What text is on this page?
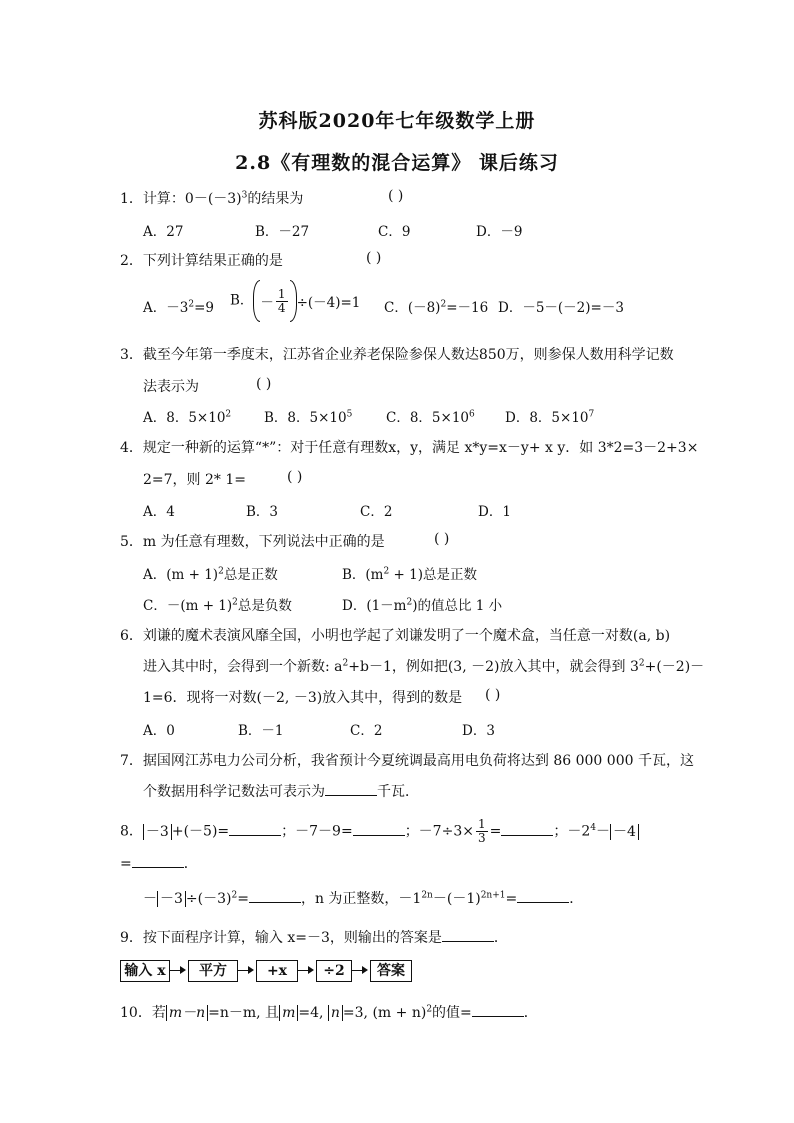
苏科版2020年七年级数学上册
2.8《有理数的混合运算》 课后练习
1．计算：$0-(-3)^3$的结果为	( )
A．27	B．－27	C．9	D．－9
2．下列计算结果正确的是	( )
A．$-3^2=9$ B． － $\frac{1}{4} \div(-4)=1$ C．$(-8)^2=-16$ D．－5－(－2)=－3
3．截至今年第一季度末，江苏省企业养老保险参保人数达850万，则参保人数用科学记数
法表示为	( )
A．8．$5\times 10^2$ B．8．$5\times 10^5$ C．8．$5\times 10^6$ D．8．$5\times 10^7$
4．规定一种新的运算“*”：对于任意有理数x，y，满足 x*y=x－y+ x y．如 3*2=3－2+3×
2=7，则 2* 1=	( )
A．4	B．3	C．2	D．1
5．m 为任意有理数，下列说法中正确的是	( )
A．$(m + 1)^2$总是正数	B．$(m^2 + 1)$总是正数
C．$-(m + 1)^2$总是负数	D．$(1-m^2)$的值总比 1 小
6．刘谦的魔术表演风靡全国，小明也学起了刘谦发明了一个魔术盒，当任意一对数(a, b)
进入其中时，会得到一个新数: $a^2+b-1$，例如把(3, －2)放入其中，就会得到 $3^2+(-2)-$
1=6．现将一对数(－2, －3)放入其中，得到的数是 ( )
A．0	B．－1	C．2	D．3
7．据国网江苏电力公司分析，我省预计今夏统调最高用电负荷将达到 86 000 000 千瓦，这
个数据用科学记数法可表示为	千瓦．
8． －3 +(－5)=	；－7－9=	；$-7\div 3\times \frac{1}{3}$ =	；$-2^4- -4$
=	．
－ $-3 \div(-3)^2=$	，n 为正整数，$-1^{2n}-(-1)^{2n+1}=$	．
9．按下面程序计算，输入 x=－3，则输出的答案是	．
输入 x	平方	+x	÷2	答案
10．若 m－n =n－m, 且 m =4, n =3, $(m + n)^2$的值=	．
